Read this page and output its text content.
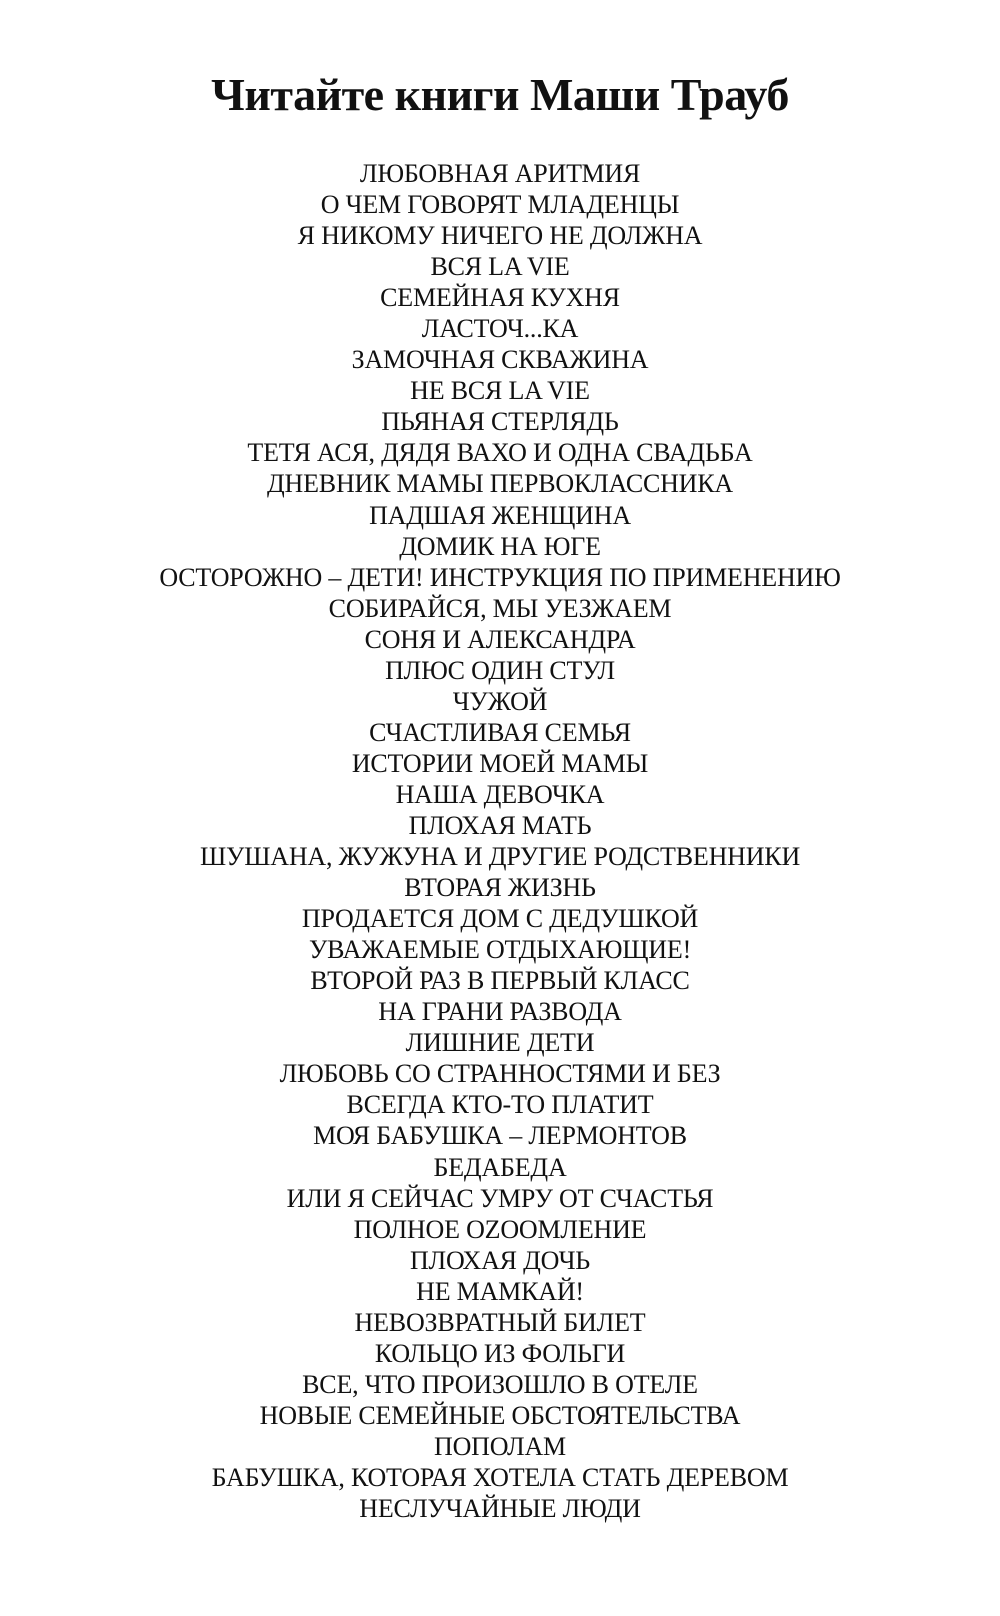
Читайте книги Маши Трауб
ЛЮБОВНАЯ АРИТМИЯ
О ЧЕМ ГОВОРЯТ МЛАДЕНЦЫ
Я НИКОМУ НИЧЕГО НЕ ДОЛЖНА
ВСЯ LA VIE
СЕМЕЙНАЯ КУХНЯ
ЛАСТОЧ...КА
ЗАМОЧНАЯ СКВАЖИНА
НЕ ВСЯ LA VIE
ПЬЯНАЯ СТЕРЛЯДЬ
ТЕТЯ АСЯ, ДЯДЯ ВАХО И ОДНА СВАДЬБА
ДНЕВНИК МАМЫ ПЕРВОКЛАССНИКА
ПАДШАЯ ЖЕНЩИНА
ДОМИК НА ЮГЕ
ОСТОРОЖНО – ДЕТИ! ИНСТРУКЦИЯ ПО ПРИМЕНЕНИЮ
СОБИРАЙСЯ, МЫ УЕЗЖАЕМ
СОНЯ И АЛЕКСАНДРА
ПЛЮС ОДИН СТУЛ
ЧУЖОЙ
СЧАСТЛИВАЯ СЕМЬЯ
ИСТОРИИ МОЕЙ МАМЫ
НАША ДЕВОЧКА
ПЛОХАЯ МАТЬ
ШУШАНА, ЖУЖУНА И ДРУГИЕ РОДСТВЕННИКИ
ВТОРАЯ ЖИЗНЬ
ПРОДАЕТСЯ ДОМ С ДЕДУШКОЙ
УВАЖАЕМЫЕ ОТДЫХАЮЩИЕ!
ВТОРОЙ РАЗ В ПЕРВЫЙ КЛАСС
НА ГРАНИ РАЗВОДА
ЛИШНИЕ ДЕТИ
ЛЮБОВЬ СО СТРАННОСТЯМИ И БЕЗ
ВСЕГДА КТО-ТО ПЛАТИТ
МОЯ БАБУШКА – ЛЕРМОНТОВ
БЕДАБЕДА
ИЛИ Я СЕЙЧАС УМРУ ОТ СЧАСТЬЯ
ПОЛНОЕ OZOOМЛЕНИЕ
ПЛОХАЯ ДОЧЬ
НЕ МАМКАЙ!
НЕВОЗВРАТНЫЙ БИЛЕТ
КОЛЬЦО ИЗ ФОЛЬГИ
ВСЕ, ЧТО ПРОИЗОШЛО В ОТЕЛЕ
НОВЫЕ СЕМЕЙНЫЕ ОБСТОЯТЕЛЬСТВА
ПОПОЛАМ
БАБУШКА, КОТОРАЯ ХОТЕЛА СТАТЬ ДЕРЕВОМ
НЕСЛУЧАЙНЫЕ ЛЮДИ
